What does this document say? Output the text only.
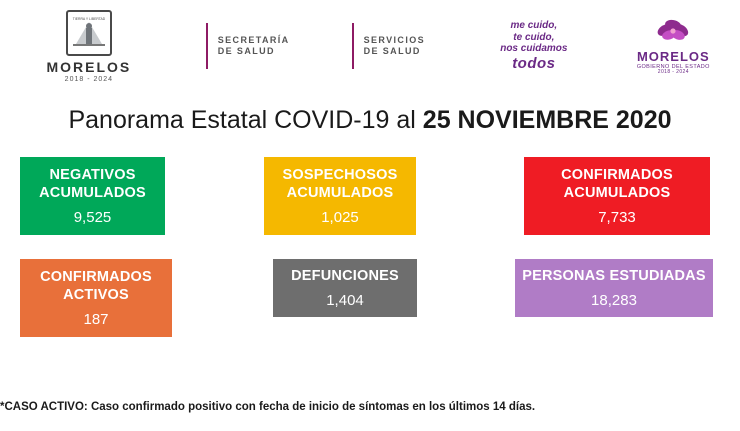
TIERRA Y LIBERTAD
MORELOS
2018 - 2024
SECRETARÍA
DE SALUD
SERVICIOS
DE SALUD
me cuido,
te cuido,
nos cuidamos
todos	MORELOS
GOBIERNO DEL ESTADO
2018 - 2024
Panorama Estatal COVID-19 al 25 NOVIEMBRE 2020
NEGATIVOS
ACUMULADOS
9,525
SOSPECHOSOS
ACUMULADOS
1,025
CONFIRMADOS
ACUMULADOS
7,733
CONFIRMADOS
ACTIVOS
187
DEFUNCIONES
1,404
PERSONAS ESTUDIADAS
18,283
*CASO ACTIVO: Caso confirmado positivo con fecha de inicio de síntomas en los últimos 14 días.
